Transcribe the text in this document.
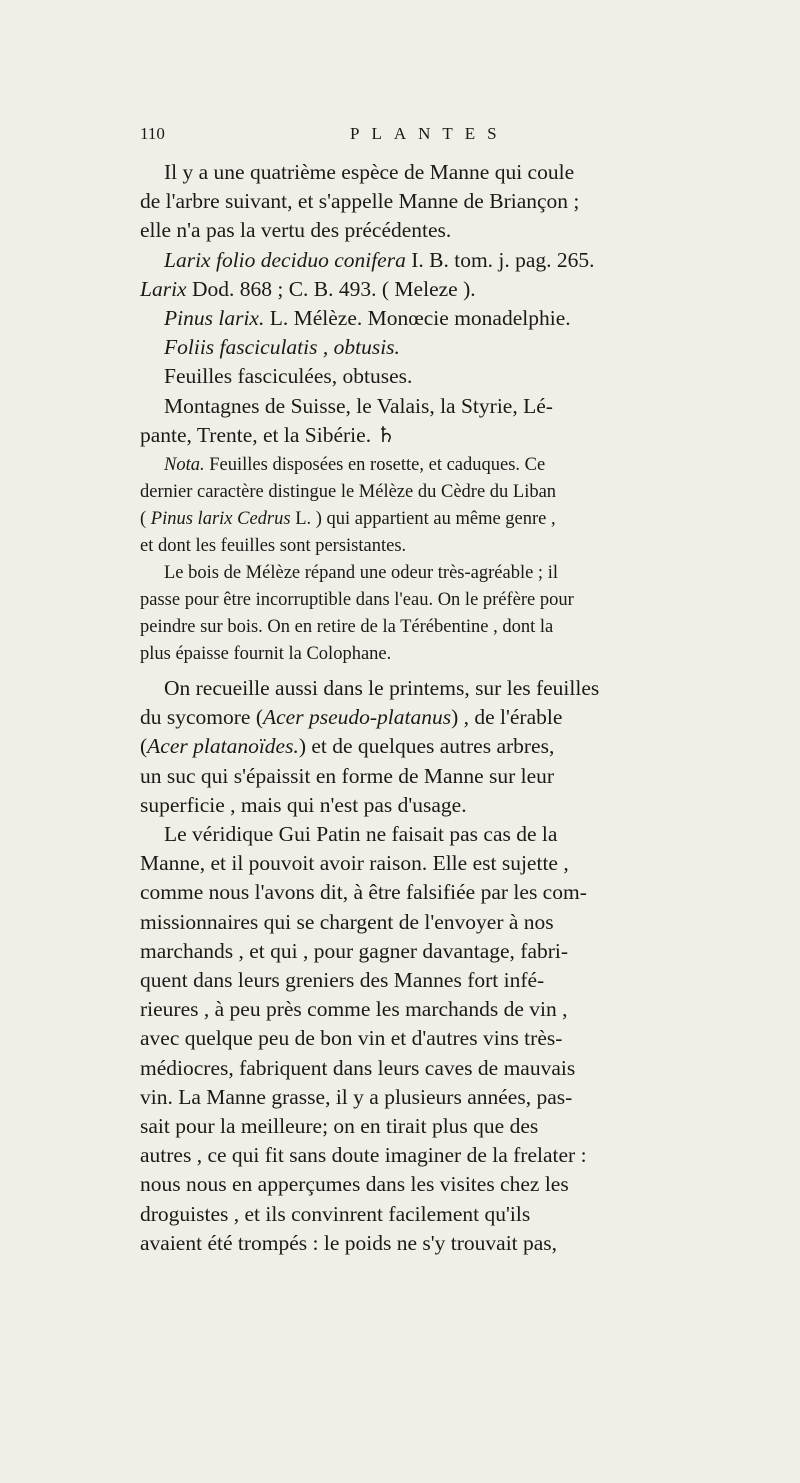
110	PLANTES

Il y a une quatrième espèce de Manne qui coule
de l'arbre suivant, et s'appelle Manne de Briançon ;
elle n'a pas la vertu des précédentes.

Larix folio deciduo conifera I. B. tom. j. pag. 265.
Larix Dod. 868 ; C. B. 493. ( Meleze ).
Pinus larix. L. Mélèze. Monœcie monadelphie.
Foliis fasciculatis , obtusis.
Feuilles fasciculées, obtuses.

Montagnes de Suisse, le Valais, la Styrie, Lé-
pante, Trente, et la Sibérie. ♄

Nota. Feuilles disposées en rosette, et caduques. Ce
dernier caractère distingue le Mélèze du Cèdre du Liban
( Pinus larix Cedrus L. ) qui appartient au même genre ,
et dont les feuilles sont persistantes.
Le bois de Mélèze répand une odeur très-agréable ; il
passe pour être incorruptible dans l'eau. On le préfère pour
peindre sur bois. On en retire de la Térébentine , dont la
plus épaisse fournit la Colophane.
On recueille aussi dans le printems, sur les feuilles
du sycomore (Acer pseudo-platanus) , de l'érable
(Acer platanoïdes.) et de quelques autres arbres,
un suc qui s'épaissit en forme de Manne sur leur
superficie , mais qui n'est pas d'usage.
Le véridique Gui Patin ne faisait pas cas de la
Manne, et il pouvoit avoir raison. Elle est sujette ,
comme nous l'avons dit, à être falsifiée par les com-
missionnaires qui se chargent de l'envoyer à nos
marchands , et qui , pour gagner davantage, fabri-
quent dans leurs greniers des Mannes fort infé-
rieures , à peu près comme les marchands de vin ,
avec quelque peu de bon vin et d'autres vins très-
médiocres, fabriquent dans leurs caves de mauvais
vin. La Manne grasse, il y a plusieurs années, pas-
sait pour la meilleure; on en tirait plus que des
autres , ce qui fit sans doute imaginer de la frelater :
nous nous en apperçumes dans les visites chez les
droguistes , et ils convinrent facilement qu'ils
avaient été trompés : le poids ne s'y trouvait pas,
